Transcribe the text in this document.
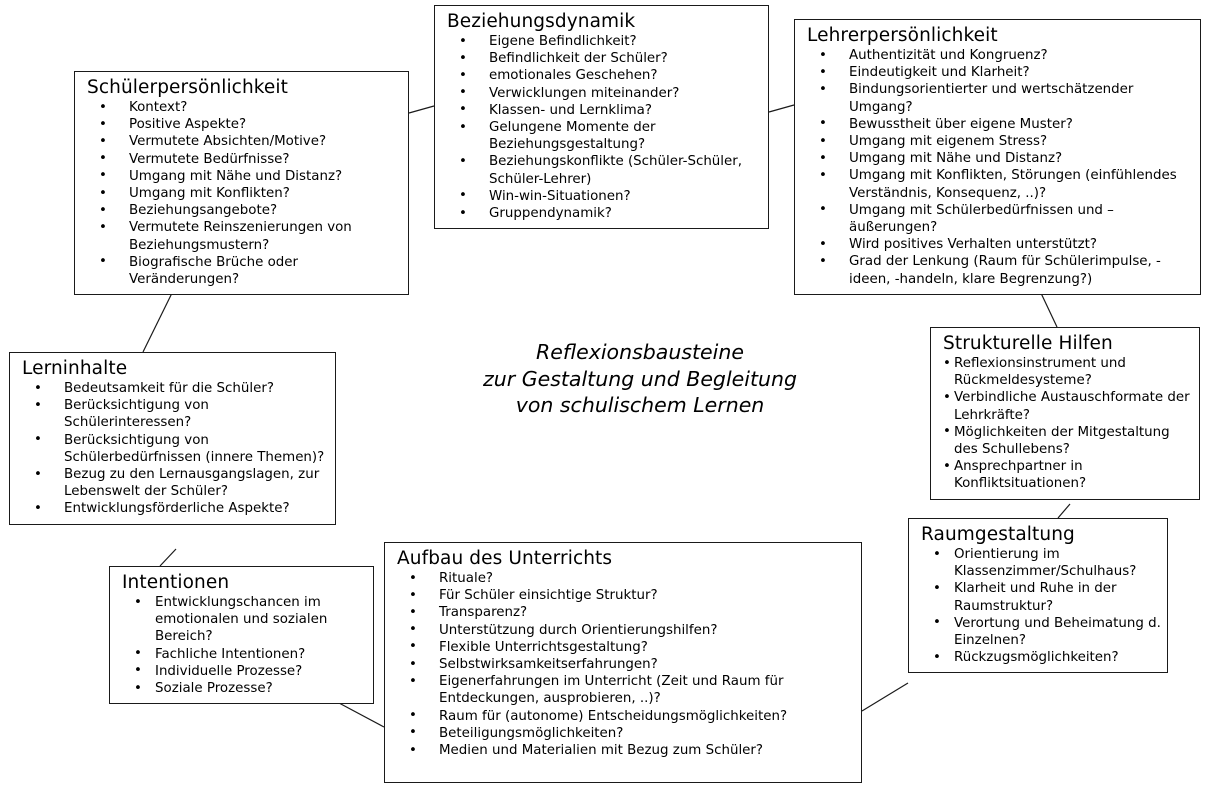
Schülerpersönlichkeit
• Kontext?
• Positive Aspekte?
• Vermutete Absichten/Motive?
• Vermutete Bedürfnisse?
• Umgang mit Nähe und Distanz?
• Umgang mit Konflikten?
• Beziehungsangebote?
• Vermutete Reinszenierungen von Beziehungsmustern?
• Biografische Brüche oder Veränderungen?
Beziehungsdynamik
• Eigene Befindlichkeit?
• Befindlichkeit der Schüler?
• emotionales Geschehen?
• Verwicklungen miteinander?
• Klassen- und Lernklima?
• Gelungene Momente der Beziehungsgestaltung?
• Beziehungskonflikte (Schüler-Schüler, Schüler-Lehrer)
• Win-win-Situationen?
• Gruppendynamik?
Lehrerpersönlichkeit
• Authentizität und Kongruenz?
• Eindeutigkeit und Klarheit?
• Bindungsorientierter und wertschätzender Umgang?
• Bewusstheit über eigene Muster?
• Umgang mit eigenem Stress?
• Umgang mit Nähe und Distanz?
• Umgang mit Konflikten, Störungen (einfühlendes Verständnis, Konsequenz, ..)?
• Umgang mit Schülerbedürfnissen und –äußerungen?
• Wird positives Verhalten unterstützt?
• Grad der Lenkung (Raum für Schülerimpulse, - ideen, -handeln, klare Begrenzung?)
Lerninhalte
• Bedeutsamkeit für die Schüler?
• Berücksichtigung von Schülerinteressen?
• Berücksichtigung von Schülerbedürfnissen (innere Themen)?
• Bezug zu den Lernausgangslagen, zur Lebenswelt der Schüler?
• Entwicklungsförderliche Aspekte?
Strukturelle Hilfen
• Reflexionsinstrument und Rückmeldesysteme?
• Verbindliche Austauschformate der Lehrkräfte?
• Möglichkeiten der Mitgestaltung des Schullebens?
• Ansprechpartner in Konfliktsituationen?
Raumgestaltung
• Orientierung im Klassenzimmer/Schulhaus?
• Klarheit und Ruhe in der Raumstruktur?
• Verortung und Beheimatung d. Einzelnen?
• Rückzugsmöglichkeiten?
Intentionen
• Entwicklungschancen im emotionalen und sozialen Bereich?
• Fachliche Intentionen?
• Individuelle Prozesse?
• Soziale Prozesse?
Aufbau des Unterrichts
• Rituale?
• Für Schüler einsichtige Struktur?
• Transparenz?
• Unterstützung durch Orientierungshilfen?
• Flexible Unterrichtsgestaltung?
• Selbstwirksamkeitserfahrungen?
• Eigenerfahrungen im Unterricht (Zeit und Raum für Entdeckungen, ausprobieren, ..)?
• Raum für (autonome) Entscheidungsmöglichkeiten?
• Beteiligungsmöglichkeiten?
• Medien und Materialien mit Bezug zum Schüler?
Reflexionsbausteine
zur Gestaltung und Begleitung
von schulischem Lernen
